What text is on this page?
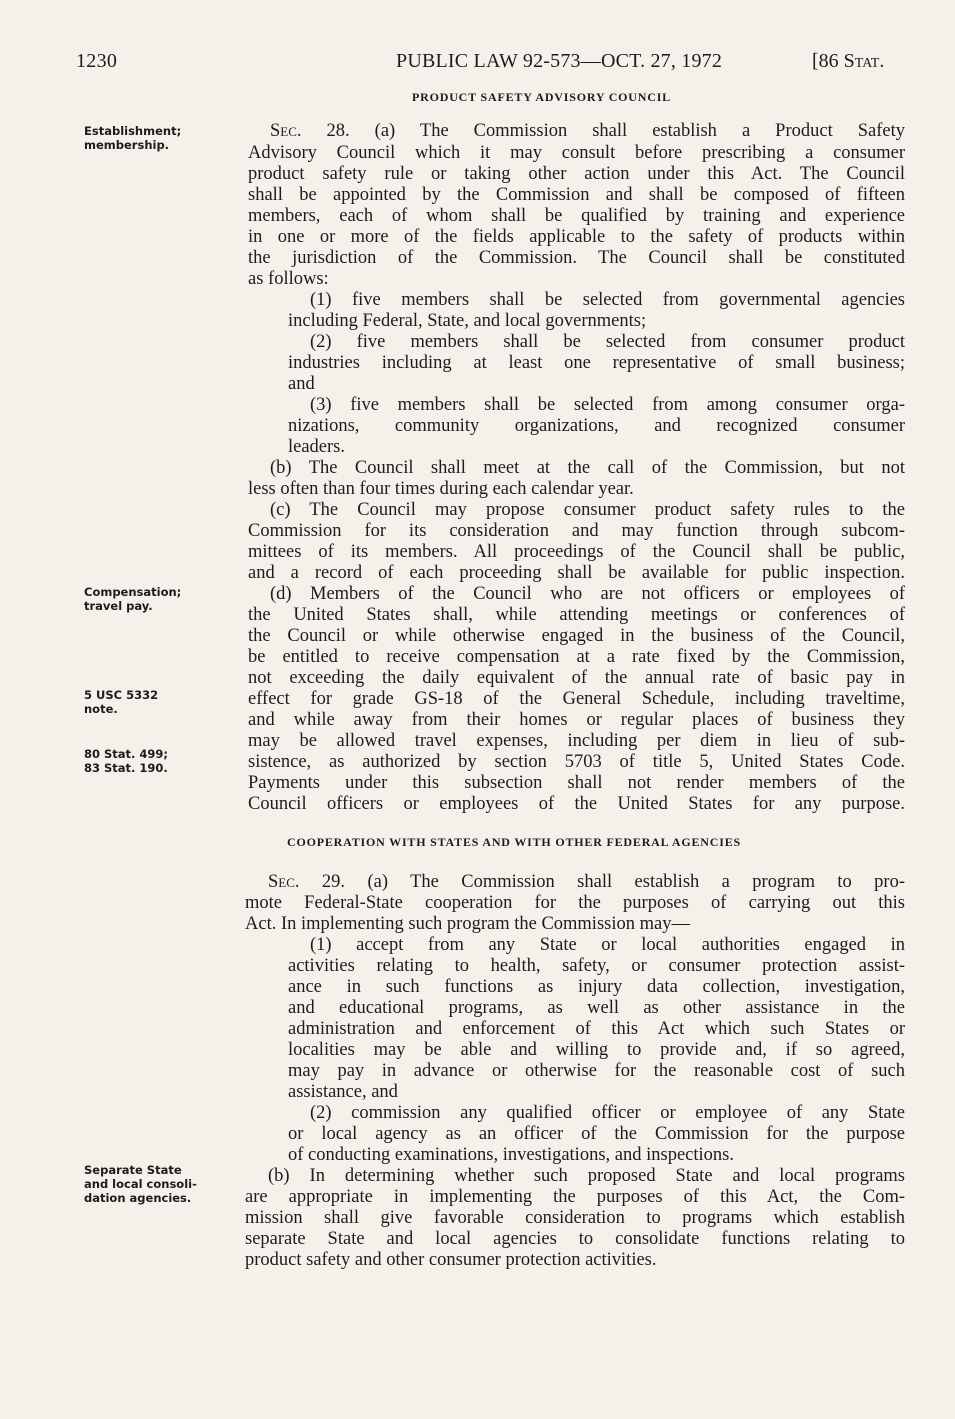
1230	PUBLIC LAW 92-573—OCT. 27, 1972	[86 Stat.
PRODUCT SAFETY ADVISORY COUNCIL
COOPERATION WITH STATES AND WITH OTHER FEDERAL AGENCIES
Establishment;
membership.
Compensation;
travel pay.
5 USC 5332
note.
80 Stat. 499;
83 Stat. 190.
Separate State
and local consoli-
dation agencies.
Sec. 28. (a) The Commission shall establish a Product Safety
Advisory Council which it may consult before prescribing a consumer
product safety rule or taking other action under this Act. The Council
shall be appointed by the Commission and shall be composed of fifteen
members, each of whom shall be qualified by training and experience
in one or more of the fields applicable to the safety of products within
the jurisdiction of the Commission. The Council shall be constituted
as follows:
(1) five members shall be selected from governmental agencies
including Federal, State, and local governments;
(2) five members shall be selected from consumer product
industries including at least one representative of small business;
and
(3) five members shall be selected from among consumer orga-
nizations, community organizations, and recognized consumer
leaders.
(b) The Council shall meet at the call of the Commission, but not
less often than four times during each calendar year.
(c) The Council may propose consumer product safety rules to the
Commission for its consideration and may function through subcom-
mittees of its members. All proceedings of the Council shall be public,
and a record of each proceeding shall be available for public inspection.
(d) Members of the Council who are not officers or employees of
the United States shall, while attending meetings or conferences of
the Council or while otherwise engaged in the business of the Council,
be entitled to receive compensation at a rate fixed by the Commission,
not exceeding the daily equivalent of the annual rate of basic pay in
effect for grade GS-18 of the General Schedule, including traveltime,
and while away from their homes or regular places of business they
may be allowed travel expenses, including per diem in lieu of sub-
sistence, as authorized by section 5703 of title 5, United States Code.
Payments under this subsection shall not render members of the
Council officers or employees of the United States for any purpose.
Sec. 29. (a) The Commission shall establish a program to pro-
mote Federal-State cooperation for the purposes of carrying out this
Act. In implementing such program the Commission may—
(1) accept from any State or local authorities engaged in
activities relating to health, safety, or consumer protection assist-
ance in such functions as injury data collection, investigation,
and educational programs, as well as other assistance in the
administration and enforcement of this Act which such States or
localities may be able and willing to provide and, if so agreed,
may pay in advance or otherwise for the reasonable cost of such
assistance, and
(2) commission any qualified officer or employee of any State
or local agency as an officer of the Commission for the purpose
of conducting examinations, investigations, and inspections.
(b) In determining whether such proposed State and local programs
are appropriate in implementing the purposes of this Act, the Com-
mission shall give favorable consideration to programs which establish
separate State and local agencies to consolidate functions relating to
product safety and other consumer protection activities.
